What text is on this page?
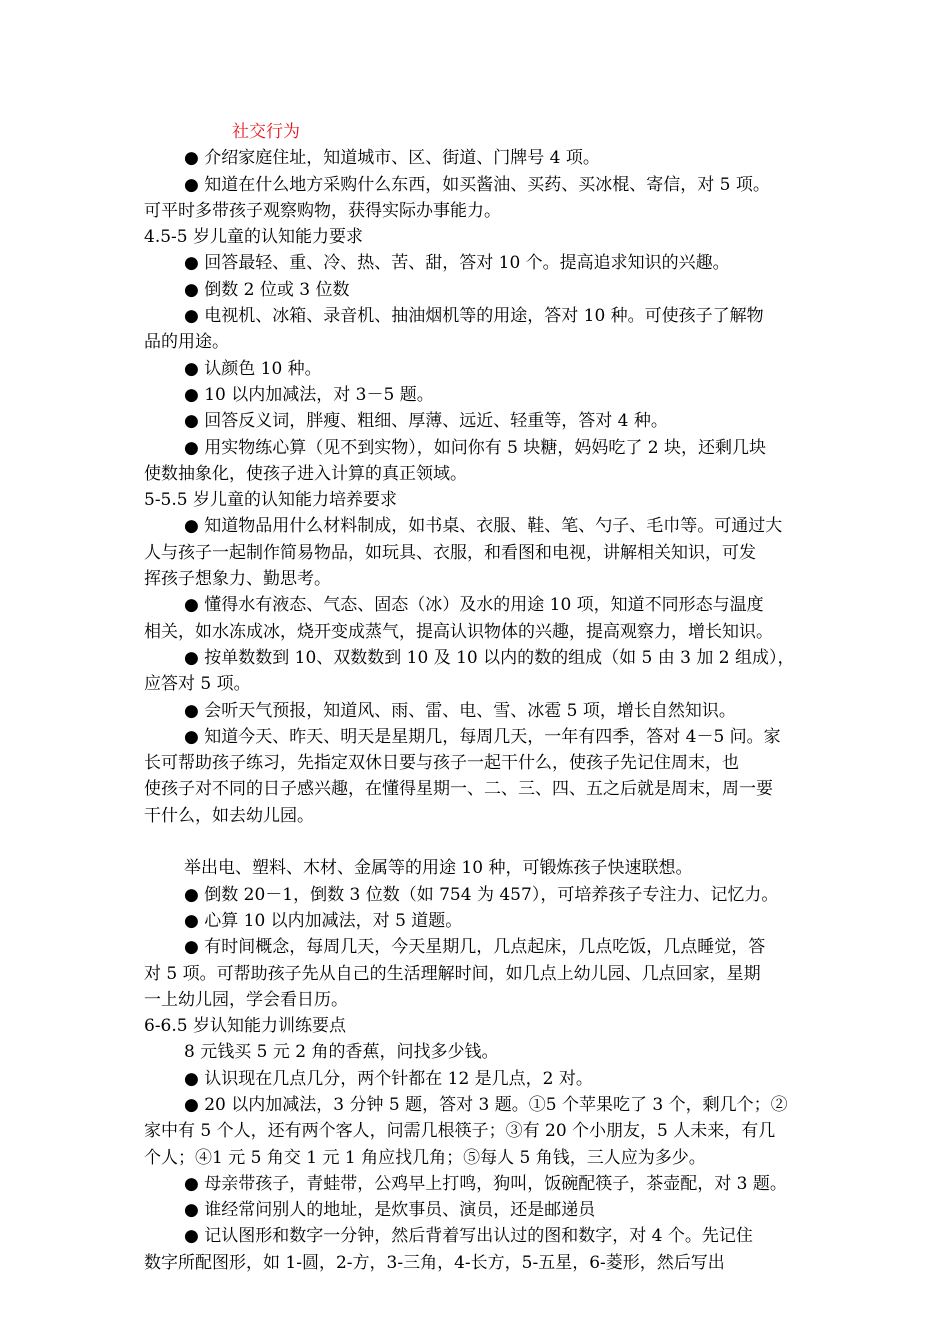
社交行为
● 介绍家庭住址，知道城市、区、街道、门牌号 4 项。
● 知道在什么地方采购什么东西，如买酱油、买药、买冰棍、寄信，对 5 项。
可平时多带孩子观察购物，获得实际办事能力。
4.5-5 岁儿童的认知能力要求
● 回答最轻、重、冷、热、苦、甜，答对 10 个。提高追求知识的兴趣。
● 倒数 2 位或 3 位数
● 电视机、冰箱、录音机、抽油烟机等的用途，答对 10 种。可使孩子了解物
品的用途。
● 认颜色 10 种。
● 10 以内加减法，对 3－5 题。
● 回答反义词，胖瘦、粗细、厚薄、远近、轻重等，答对 4 种。
● 用实物练心算（见不到实物），如问你有 5 块糖，妈妈吃了 2 块，还剩几块
使数抽象化，使孩子进入计算的真正领域。
5-5.5 岁儿童的认知能力培养要求
● 知道物品用什么材料制成，如书桌、衣服、鞋、笔、勺子、毛巾等。可通过大
人与孩子一起制作简易物品，如玩具、衣服，和看图和电视，讲解相关知识，可发
挥孩子想象力、勤思考。
● 懂得水有液态、气态、固态（冰）及水的用途 10 项，知道不同形态与温度
相关，如水冻成冰，烧开变成蒸气，提高认识物体的兴趣，提高观察力，增长知识。
● 按单数数到 10、双数数到 10 及 10 以内的数的组成（如 5 由 3 加 2 组成），
应答对 5 项。
● 会听天气预报，知道风、雨、雷、电、雪、冰雹 5 项，增长自然知识。
● 知道今天、昨天、明天是星期几，每周几天，一年有四季，答对 4－5 问。家
长可帮助孩子练习，先指定双休日要与孩子一起干什么，使孩子先记住周末，也
使孩子对不同的日子感兴趣，在懂得星期一、二、三、四、五之后就是周末，周一要
干什么，如去幼儿园。
举出电、塑料、木材、金属等的用途 10 种，可锻炼孩子快速联想。
● 倒数 20－1，倒数 3 位数（如 754 为 457），可培养孩子专注力、记忆力。
● 心算 10 以内加减法，对 5 道题。
● 有时间概念，每周几天，今天星期几，几点起床，几点吃饭，几点睡觉，答
对 5 项。可帮助孩子先从自己的生活理解时间，如几点上幼儿园、几点回家，星期
一上幼儿园，学会看日历。
6-6.5 岁认知能力训练要点
8 元钱买 5 元 2 角的香蕉，问找多少钱。
● 认识现在几点几分，两个针都在 12 是几点，2 对。
● 20 以内加减法，3 分钟 5 题，答对 3 题。①5 个苹果吃了 3 个，剩几个；②
家中有 5 个人，还有两个客人，问需几根筷子；③有 20 个小朋友，5 人未来，有几
个人；④1 元 5 角交 1 元 1 角应找几角；⑤每人 5 角钱，三人应为多少。
● 母亲带孩子，青蛙带，公鸡早上打鸣，狗叫，饭碗配筷子，茶壶配，对 3 题。
● 谁经常问别人的地址，是炊事员、演员，还是邮递员
● 记认图形和数字一分钟，然后背着写出认过的图和数字，对 4 个。先记住
数字所配图形，如 1-圆，2-方，3-三角，4-长方，5-五星，6-菱形，然后写出
